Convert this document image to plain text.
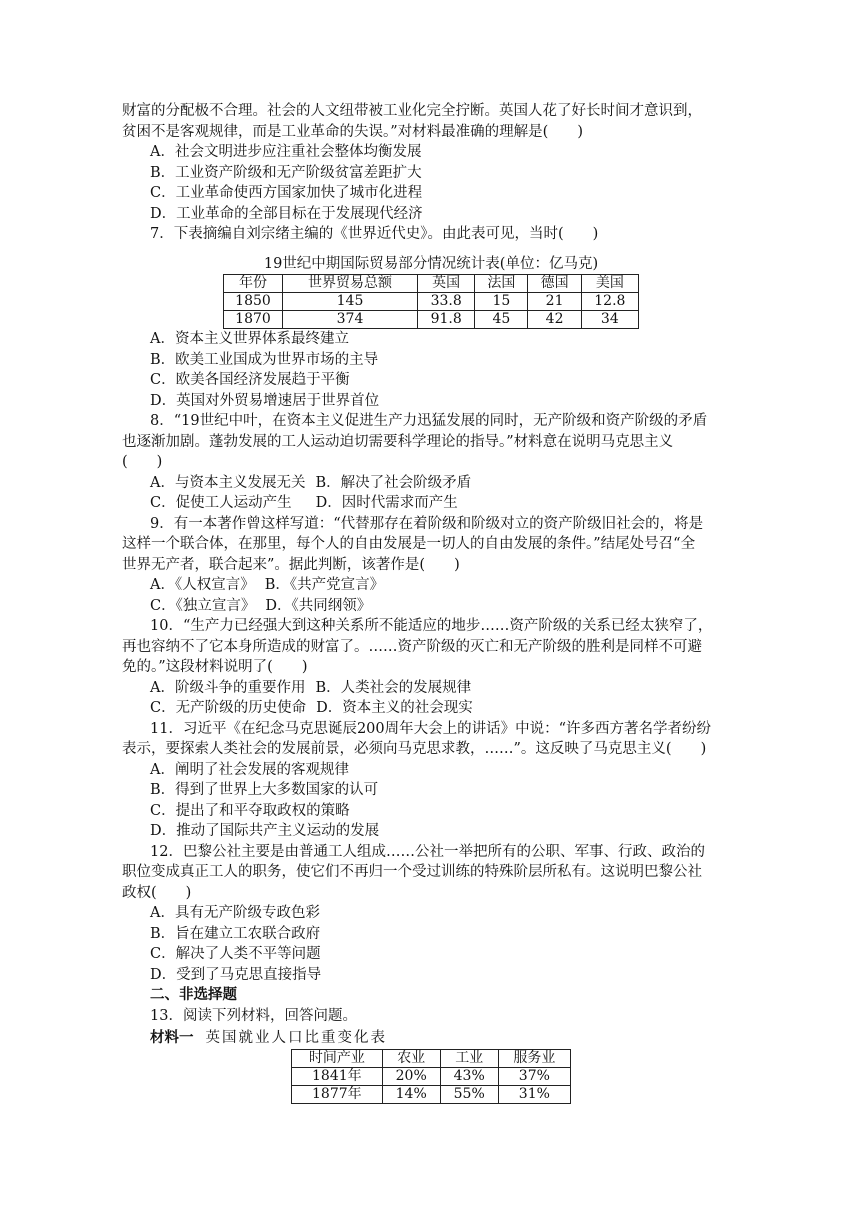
财富的分配极不合理。社会的人文纽带被工业化完全拧断。英国人花了好长时间才意识到，

贫困不是客观规律，而是工业革命的失误。”对材料最准确的理解是(　　)

A．社会文明进步应注重社会整体均衡发展

B．工业资产阶级和无产阶级贫富差距扩大

C．工业革命使西方国家加快了城市化进程

D．工业革命的全部目标在于发展现代经济

7．下表摘编自刘宗绪主编的《世界近代史》。由此表可见，当时(　　)

19世纪中期国际贸易部分情况统计表(单位：亿马克)

年份	世界贸易总额	英国	法国	德国	美国
1850	145	33.8	15	21	12.8
1870	374	91.8	45	42	34

A．资本主义世界体系最终建立

B．欧美工业国成为世界市场的主导

C．欧美各国经济发展趋于平衡

D．英国对外贸易增速居于世界首位

8．“19世纪中叶，在资本主义促进生产力迅猛发展的同时，无产阶级和资产阶级的矛盾

也逐渐加剧。蓬勃发展的工人运动迫切需要科学理论的指导。”材料意在说明马克思主义

(　　)

A．与资本主义发展无关 B．解决了社会阶级矛盾

C．促使工人运动产生 D．因时代需求而产生

9．有一本著作曾这样写道：“代替那存在着阶级和阶级对立的资产阶级旧社会的，将是

这样一个联合体，在那里，每个人的自由发展是一切人的自由发展的条件。”结尾处号召“全

世界无产者，联合起来”。据此判断，该著作是(　　)

A．《人权宣言》 B．《共产党宣言》

C．《独立宣言》 D．《共同纲领》

10．“生产力已经强大到这种关系所不能适应的地步……资产阶级的关系已经太狭窄了，

再也容纳不了它本身所造成的财富了。……资产阶级的灭亡和无产阶级的胜利是同样不可避

免的。”这段材料说明了(　　)

A．阶级斗争的重要作用 B．人类社会的发展规律

C．无产阶级的历史使命 D．资本主义的社会现实

11．习近平《在纪念马克思诞辰200周年大会上的讲话》中说：“许多西方著名学者纷纷

表示，要探索人类社会的发展前景，必须向马克思求教，……”。这反映了马克思主义(　　)

A．阐明了社会发展的客观规律

B．得到了世界上大多数国家的认可

C．提出了和平夺取政权的策略

D．推动了国际共产主义运动的发展

12．巴黎公社主要是由普通工人组成……公社一举把所有的公职、军事、行政、政治的

职位变成真正工人的职务，使它们不再归一个受过训练的特殊阶层所私有。这说明巴黎公社

政权(　　)

A．具有无产阶级专政色彩

B．旨在建立工农联合政府

C．解决了人类不平等问题

D．受到了马克思直接指导

二、非选择题

13．阅读下列材料，回答问题。

材料一 英国就业人口比重变化表

时间产业	农业	工业	服务业
1841年	20%	43%	37%
1877年	14%	55%	31%
